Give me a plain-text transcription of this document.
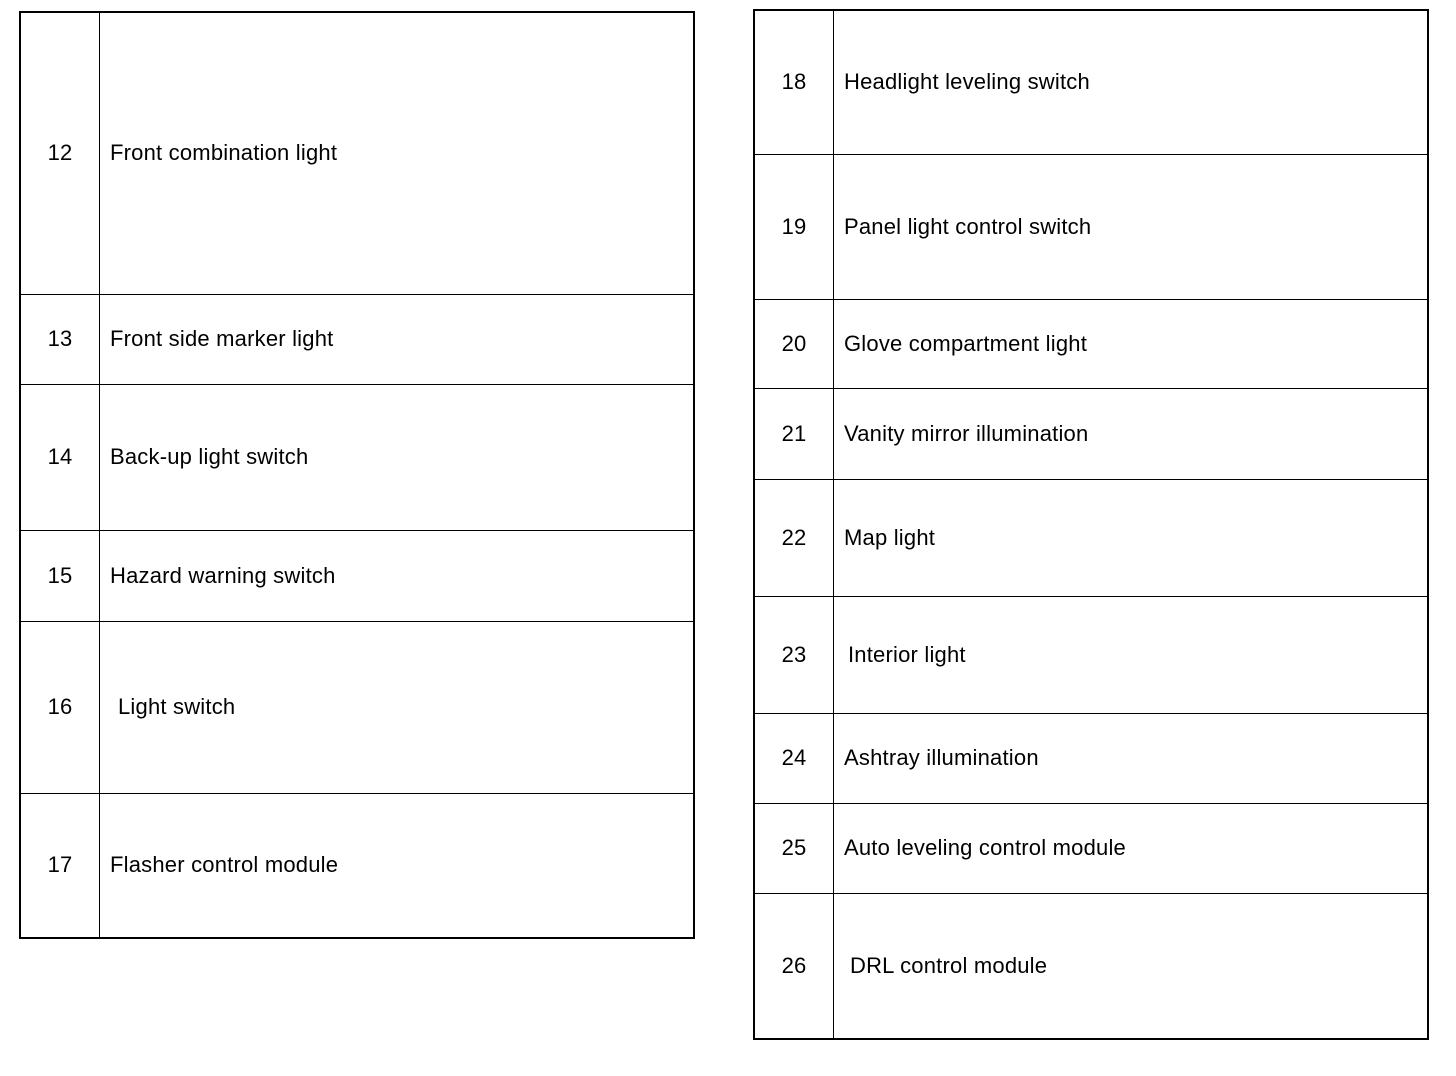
12	Front combination light
13	Front side marker light
14	Back-up light switch
15	Hazard warning switch
16	Light switch
17	Flasher control module
18	Headlight leveling switch
19	Panel light control switch
20	Glove compartment light
21	Vanity mirror illumination
22	Map light
23	Interior light
24	Ashtray illumination
25	Auto leveling control module
26	DRL control module
